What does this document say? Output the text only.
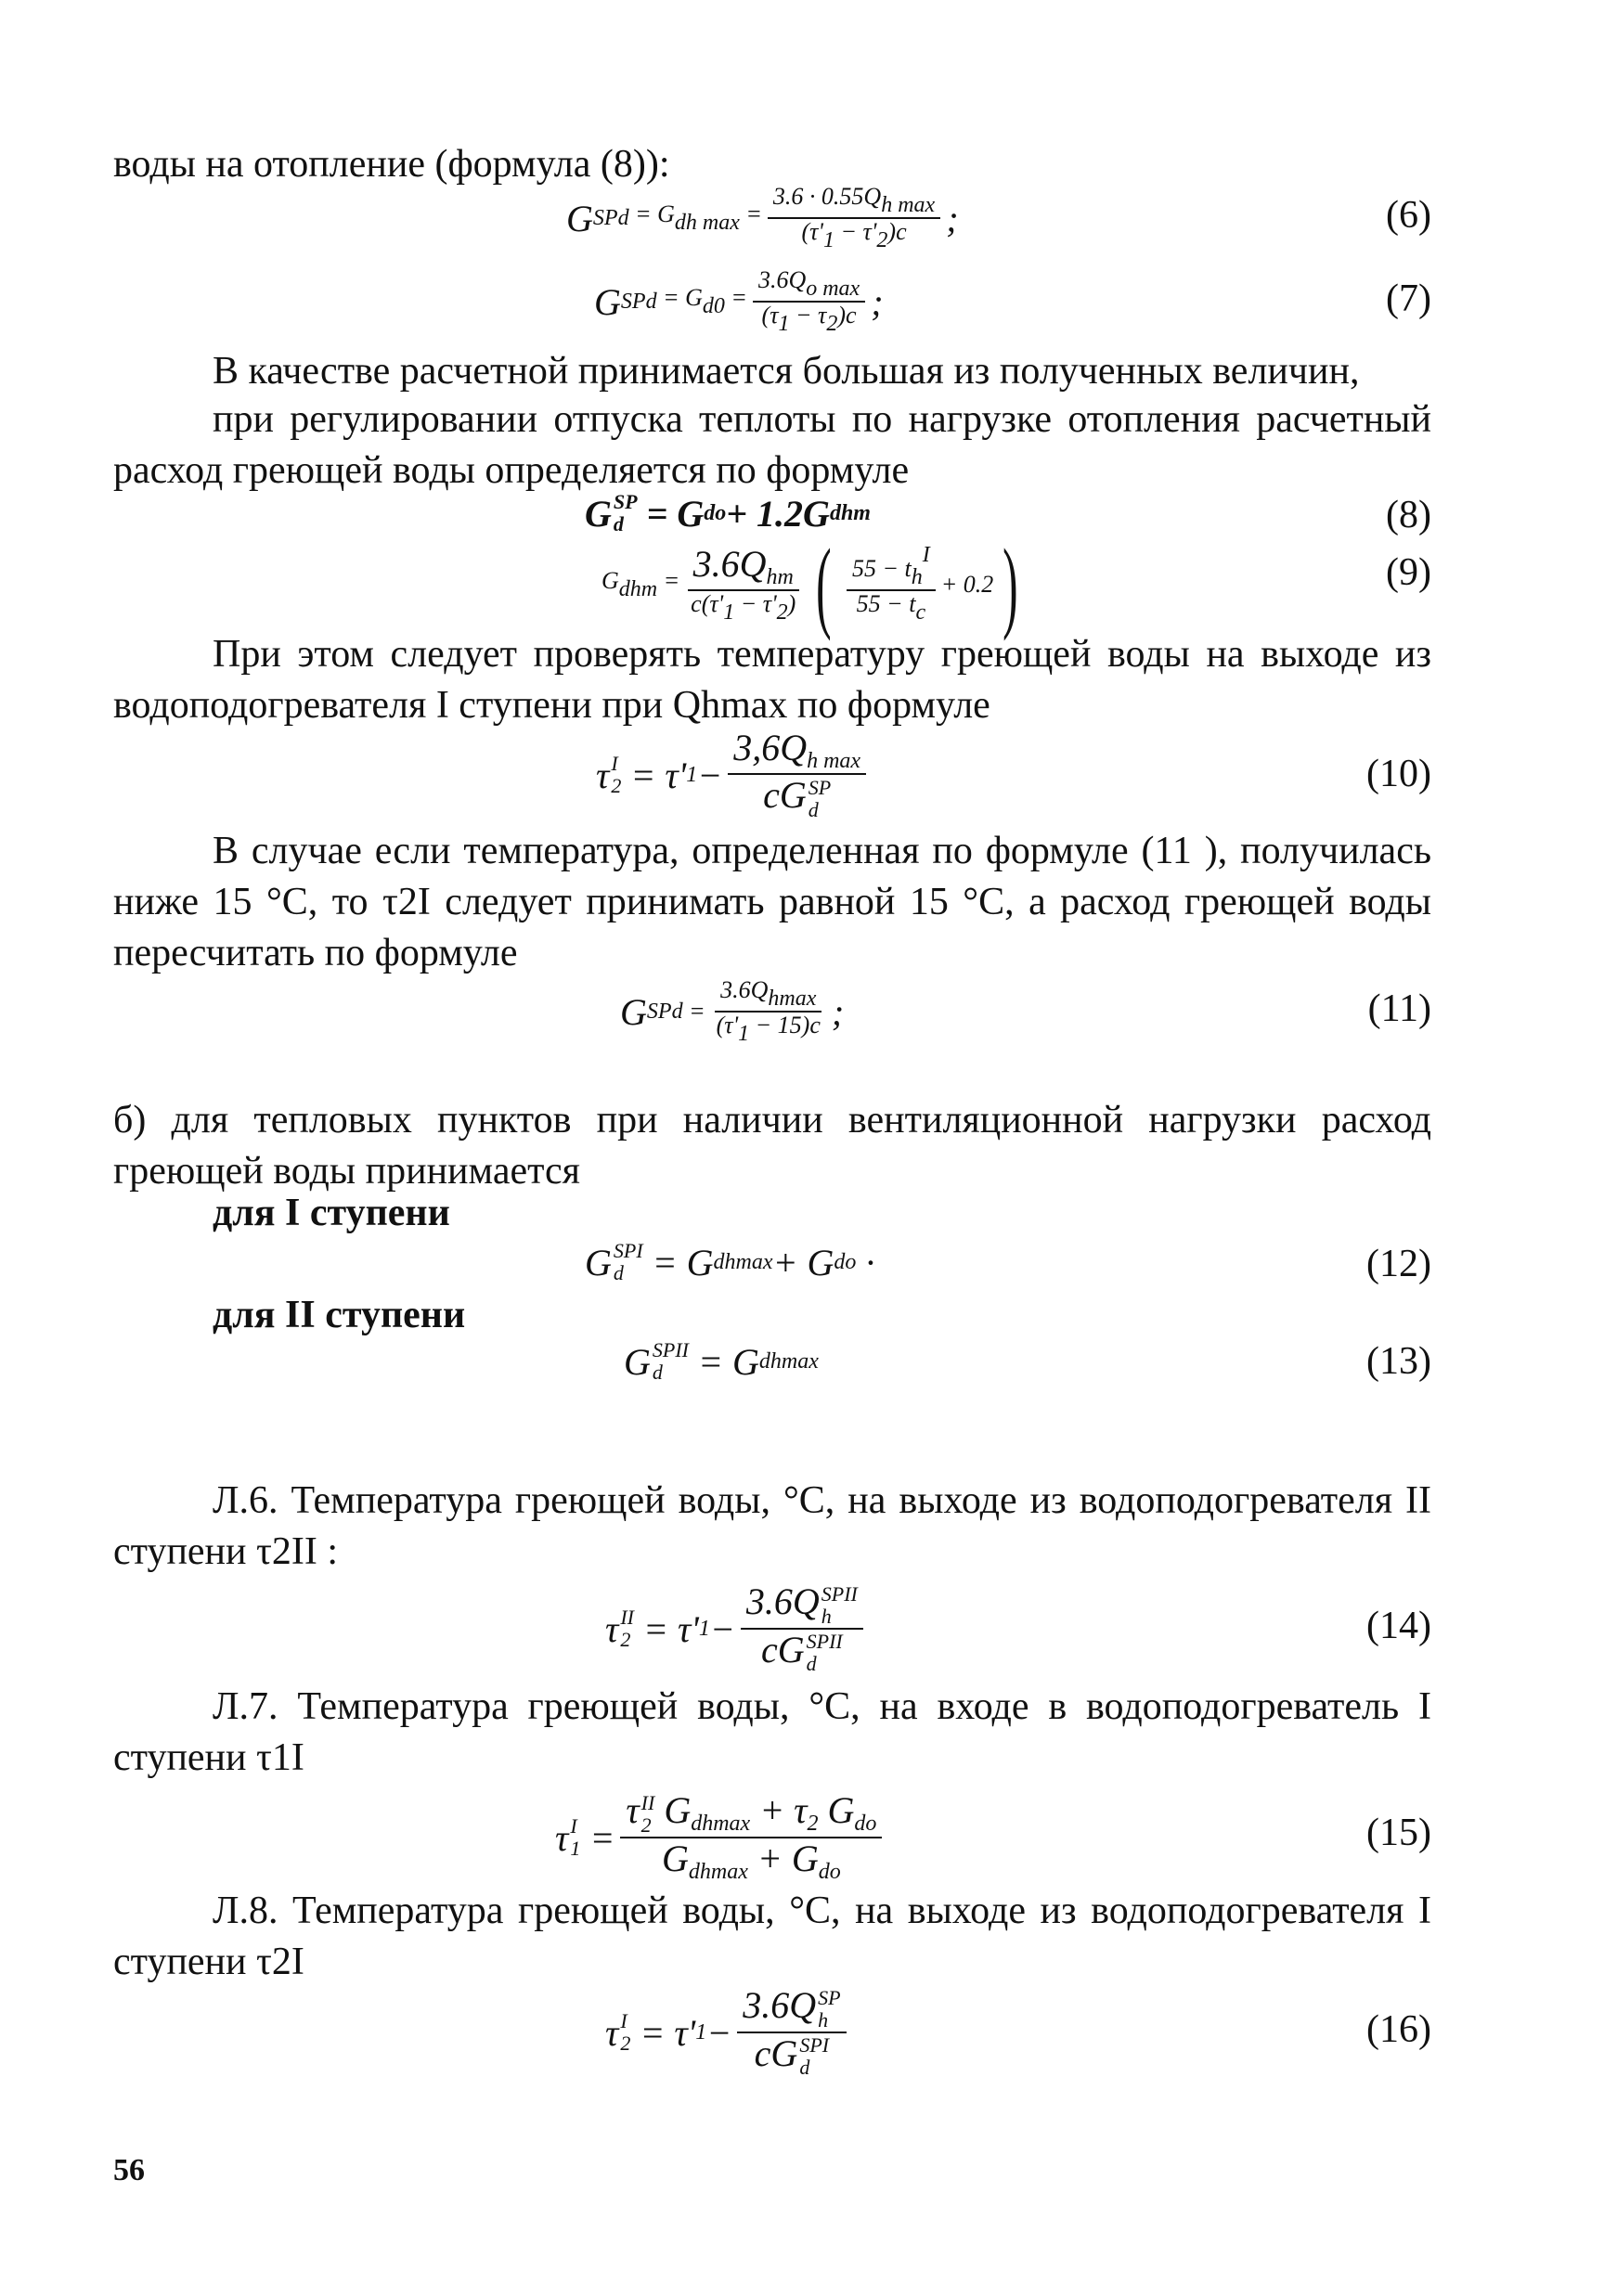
воды на отопление (формула (8)):

G SP d = Gdh $\max = \frac{\text{3.6 · 0.55Qh max}}{(\tau'1 - \tau'2)c}$ ;	(6)
G SP $d = Gd0 = \frac{\text{3.6Qo max}}{(\tau 1 - \tau 2)c}$ ;	(7)

В качестве расчетной принимается большая из полученных величин,

при регулировании отпуска теплоты по нагрузке отопления расчетный расход греющей воды определяется по формуле

G SP
d = G do + 1.2G dhm	(8)
Gdhm = $\frac{3.6Q_{hm}}{c(\tau'1 - \tau'2)}$ ( $\frac{\text{55 − thI}}{55 - tc} + 0.2$ )	(9)

При этом следует проверять температуру греющей воды на выходе из водоподогревателя I ступени при Qhmax по формуле

τ I
2 = τ' $1 - 3,6Q_{h max}$
cG SP
d	(10)

В случае если температура, определенная по формуле (11 ), получилась ниже 15 °С, то τ2I следует принимать равной 15 °С, а расход греющей воды пересчитать по формуле

G SP $d = \frac{3.6Qhmax}{(\tau'1 - 15)c}$ ;	(11)

б) для тепловых пунктов при наличии вентиляционной нагрузки расход греющей воды принимается

для I ступени
G SPI
d = G dhmax + G do ·	(12)
для II ступени
G SPII
d = G dhmax	(13)

Л.6. Температура греющей воды, °С, на выходе из водоподогревателя II ступени τ2II :

τ II
2 = τ' 1 − 3.6Q SPII
h
cG SPII
d	(14)

Л.7. Температура греющей воды, °С, на входе в водоподогреватель I ступени τ1I

τ I
1 = τ II
2 $G_{dhmax} + \tau_2$ $G_{do}$
$G_{dhmax} + G_{do}$	(15)

Л.8. Температура греющей воды, °С, на выходе из водоподогревателя I ступени τ2I

τ I
2 = τ' 1 − 3.6Q SP
h
cG SPI
d	(16)
56
